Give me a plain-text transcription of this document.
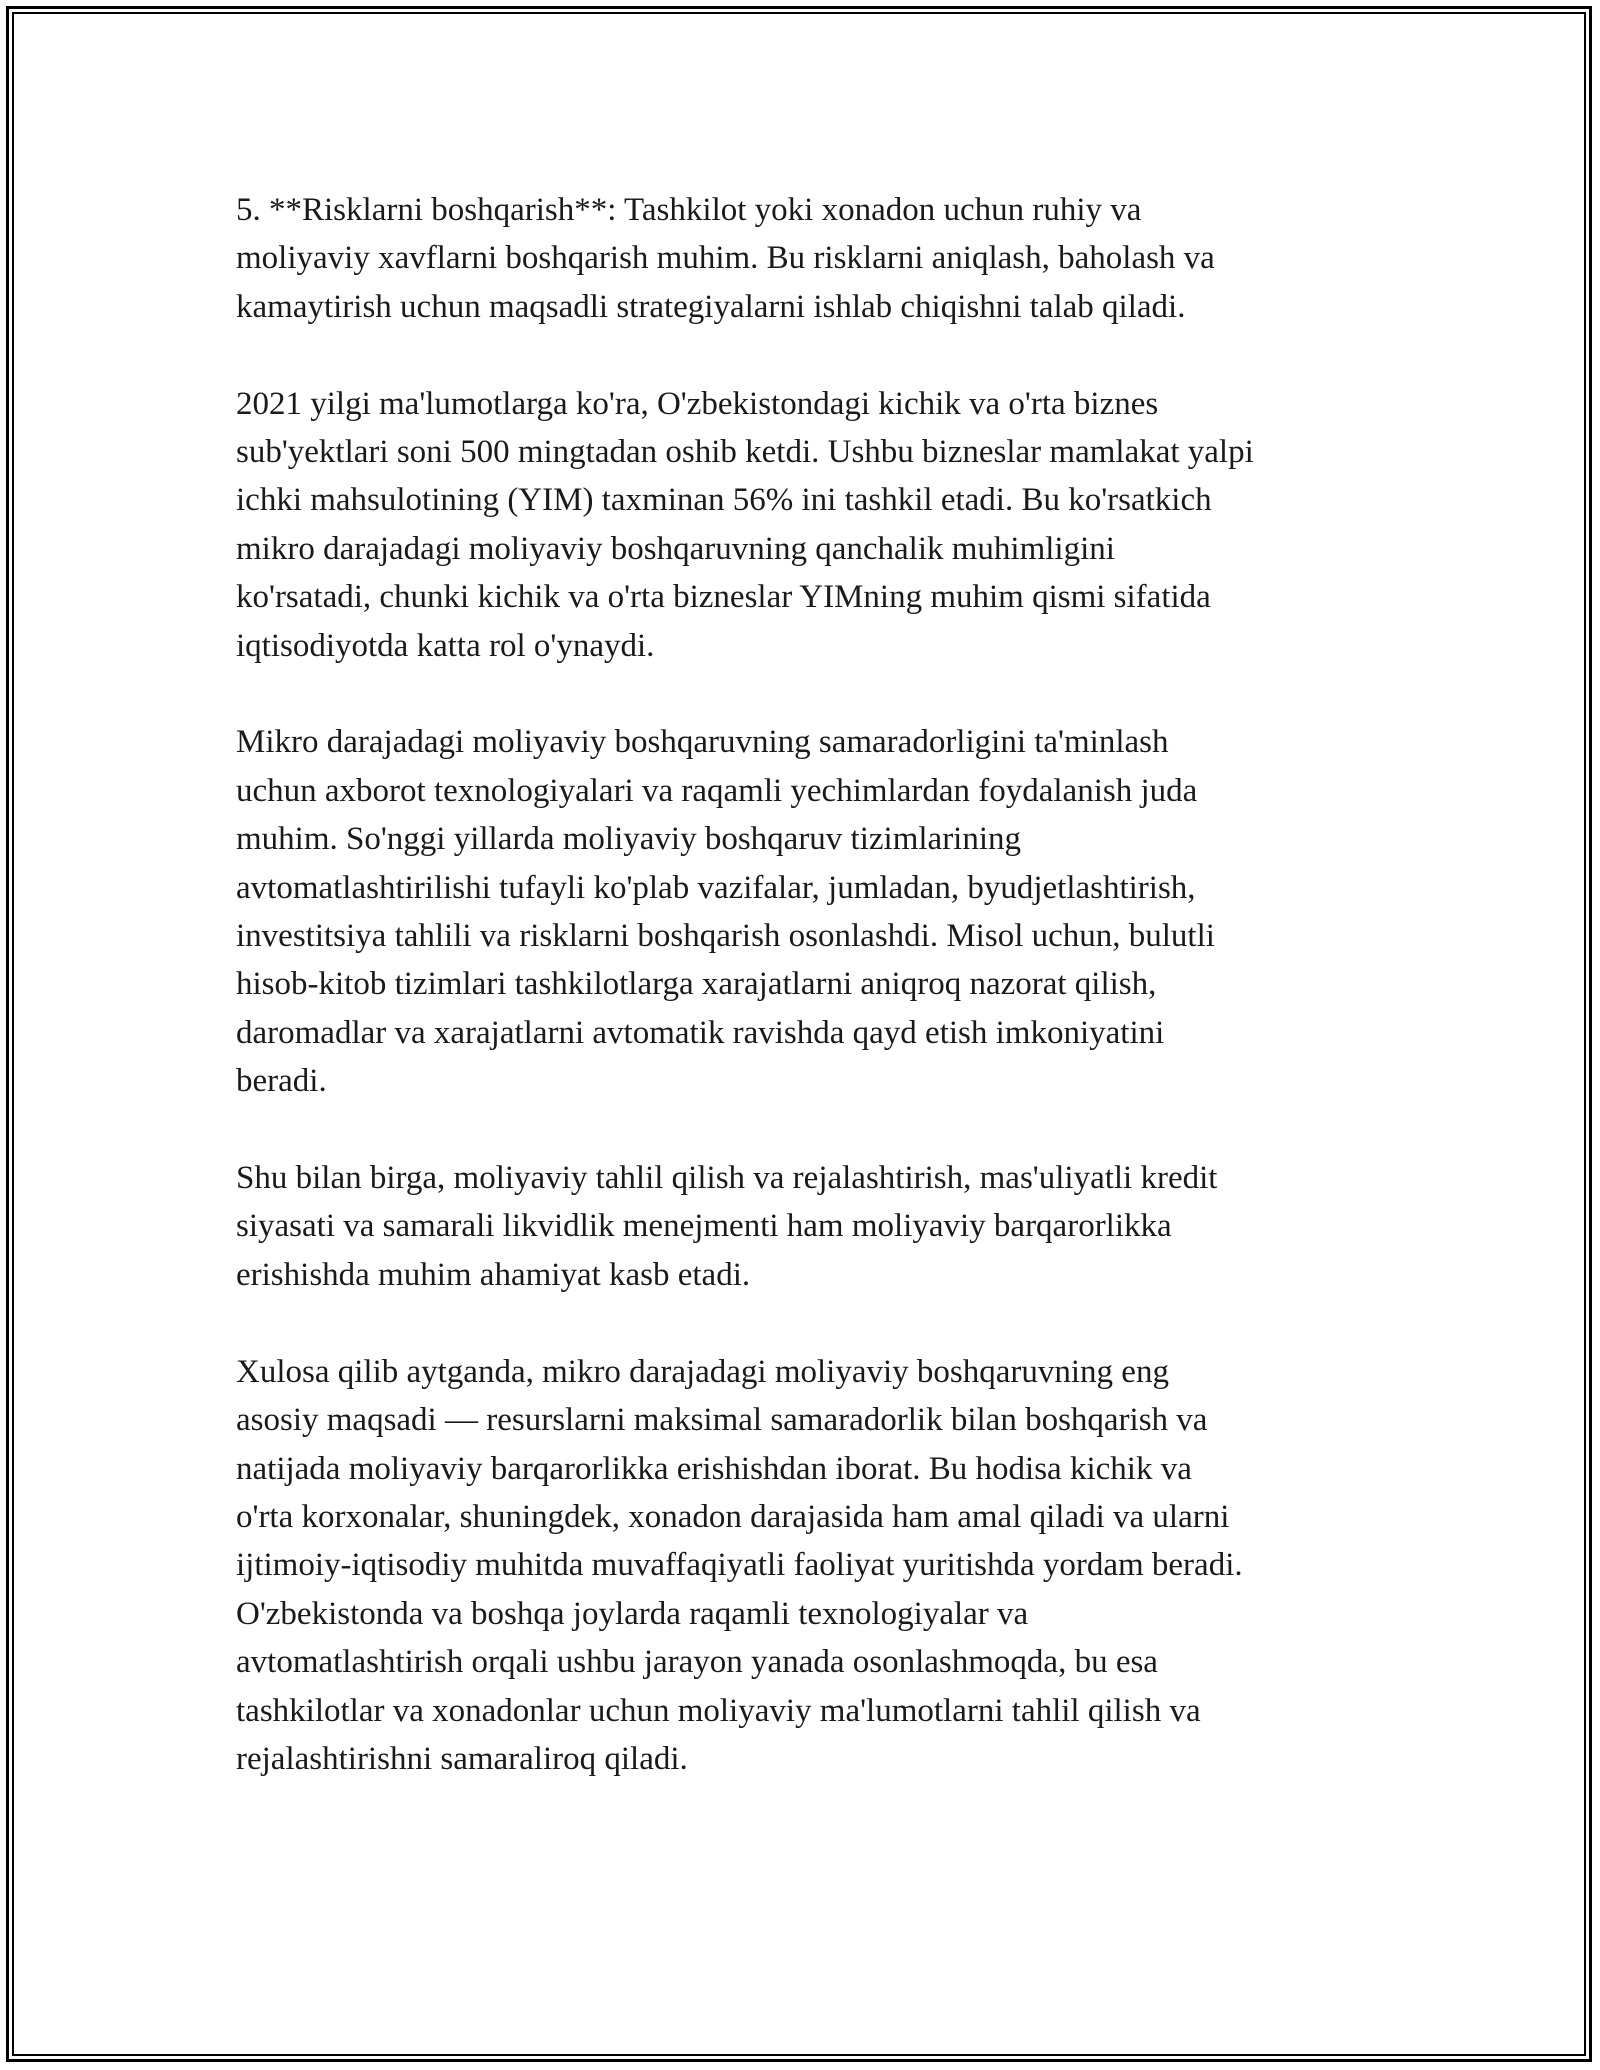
5. **Risklarni boshqarish**: Tashkilot yoki xonadon uchun ruhiy va
moliyaviy xavflarni boshqarish muhim. Bu risklarni aniqlash, baholash va
kamaytirish uchun maqsadli strategiyalarni ishlab chiqishni talab qiladi.

2021 yilgi ma'lumotlarga ko'ra, O'zbekistondagi kichik va o'rta biznes
sub'yektlari soni 500 mingtadan oshib ketdi. Ushbu bizneslar mamlakat yalpi
ichki mahsulotining (YIM) taxminan 56% ini tashkil etadi. Bu ko'rsatkich
mikro darajadagi moliyaviy boshqaruvning qanchalik muhimligini
ko'rsatadi, chunki kichik va o'rta bizneslar YIMning muhim qismi sifatida
iqtisodiyotda katta rol o'ynaydi.

Mikro darajadagi moliyaviy boshqaruvning samaradorligini ta'minlash
uchun axborot texnologiyalari va raqamli yechimlardan foydalanish juda
muhim. So'nggi yillarda moliyaviy boshqaruv tizimlarining
avtomatlashtirilishi tufayli ko'plab vazifalar, jumladan, byudjetlashtirish,
investitsiya tahlili va risklarni boshqarish osonlashdi. Misol uchun, bulutli
hisob-kitob tizimlari tashkilotlarga xarajatlarni aniqroq nazorat qilish,
daromadlar va xarajatlarni avtomatik ravishda qayd etish imkoniyatini
beradi.

Shu bilan birga, moliyaviy tahlil qilish va rejalashtirish, mas'uliyatli kredit
siyasati va samarali likvidlik menejmenti ham moliyaviy barqarorlikka
erishishda muhim ahamiyat kasb etadi.

Xulosa qilib aytganda, mikro darajadagi moliyaviy boshqaruvning eng
asosiy maqsadi — resurslarni maksimal samaradorlik bilan boshqarish va
natijada moliyaviy barqarorlikka erishishdan iborat. Bu hodisa kichik va
o'rta korxonalar, shuningdek, xonadon darajasida ham amal qiladi va ularni
ijtimoiy-iqtisodiy muhitda muvaffaqiyatli faoliyat yuritishda yordam beradi.
O'zbekistonda va boshqa joylarda raqamli texnologiyalar va
avtomatlashtirish orqali ushbu jarayon yanada osonlashmoqda, bu esa
tashkilotlar va xonadonlar uchun moliyaviy ma'lumotlarni tahlil qilish va
rejalashtirishni samaraliroq qiladi.
